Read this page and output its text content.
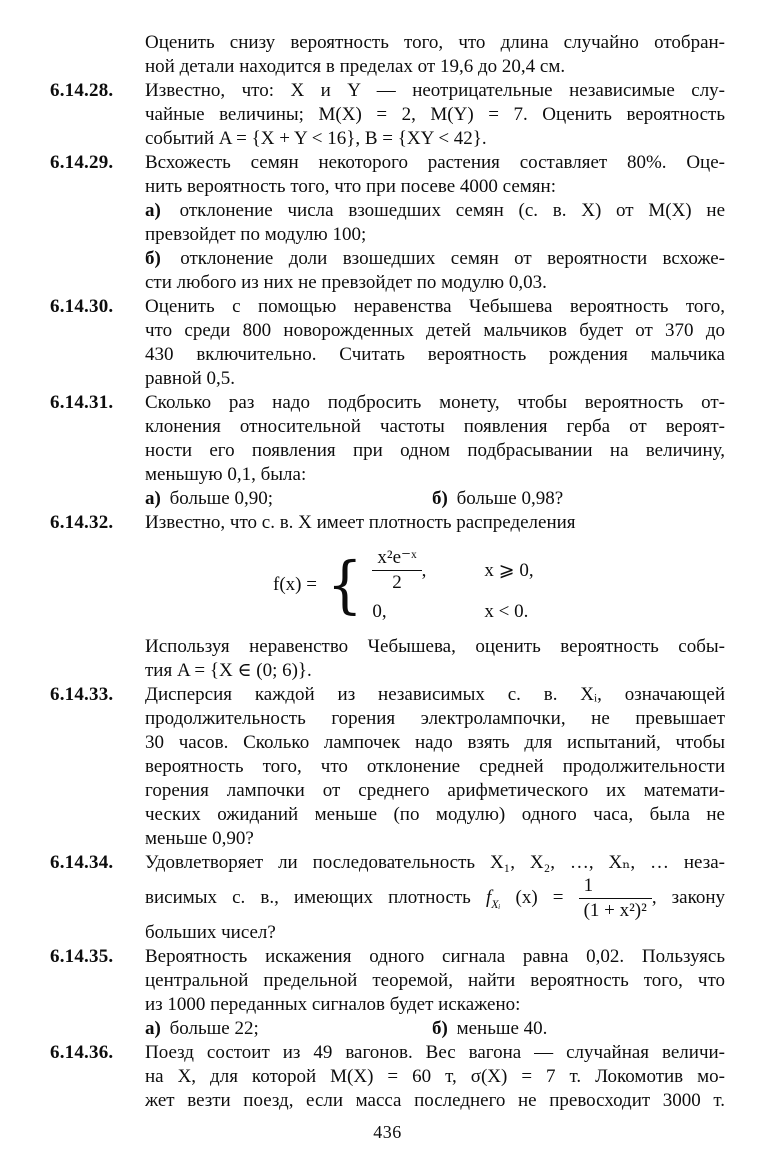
Оценить снизу вероятность того, что длина случайно отобран-
ной детали находится в пределах от 19,6 до 20,4 см.
6.14.28.	Известно, что: X и Y — неотрицательные независимые слу-
чайные величины; M(X) = 2, M(Y) = 7. Оценить вероятность
событий A = {X + Y < 16}, B = {XY < 42}.
6.14.29.	Всхожесть семян некоторого растения составляет 80%. Оце-
нить вероятность того, что при посеве 4000 семян:
а) отклонение числа взошедших семян (с. в. X) от M(X) не
превзойдет по модулю 100;
б) отклонение доли взошедших семян от вероятности всхоже-
сти любого из них не превзойдет по модулю 0,03.
6.14.30.	Оценить с помощью неравенства Чебышева вероятность того,
что среди 800 новорожденных детей мальчиков будет от 370 до
430 включительно. Считать вероятность рождения мальчика
равной 0,5.
6.14.31.	Сколько раз надо подбросить монету, чтобы вероятность от-
клонения относительной частоты появления герба от вероят-
ности его появления при одном подбрасывании на величину,
меньшую 0,1, была:
а) больше 0,90;	б) больше 0,98?
6.14.32.	Известно, что с. в. X имеет плотность распределения
f(x) = { $\frac{\text{x²e⁻ˣ}}{2}$ ,	x ⩾ 0,
0,	x < 0.
Используя неравенство Чебышева, оценить вероятность собы-
тия A = {X ∈ (0; 6)}.
6.14.33.	Дисперсия каждой из независимых с. в. Xᵢ, означающей
продолжительность горения электролампочки, не превышает
30 часов. Сколько лампочек надо взять для испытаний, чтобы
вероятность того, что отклонение средней продолжительности
горения лампочки от среднего арифметического их математи-
ческих ожиданий меньше (по модулю) одного часа, была не
меньше 0,90?
6.14.34.	Удовлетворяет ли последовательность X₁, X₂, …, Xₙ, … неза-
висимых с. в., имеющих плотность $f_{Xᵢ}$ $(x) = \frac{1}{\text{(1 + x²)²}}$ , закону
больших чисел?
6.14.35.	Вероятность искажения одного сигнала равна 0,02. Пользуясь
центральной предельной теоремой, найти вероятность того, что
из 1000 переданных сигналов будет искажено:
а) больше 22;	б) меньше 40.
6.14.36.	Поезд состоит из 49 вагонов. Вес вагона — случайная величи-
на X, для которой M(X) = 60 т, σ(X) = 7 т. Локомотив мо-
жет везти поезд, если масса последнего не превосходит 3000 т.
436
